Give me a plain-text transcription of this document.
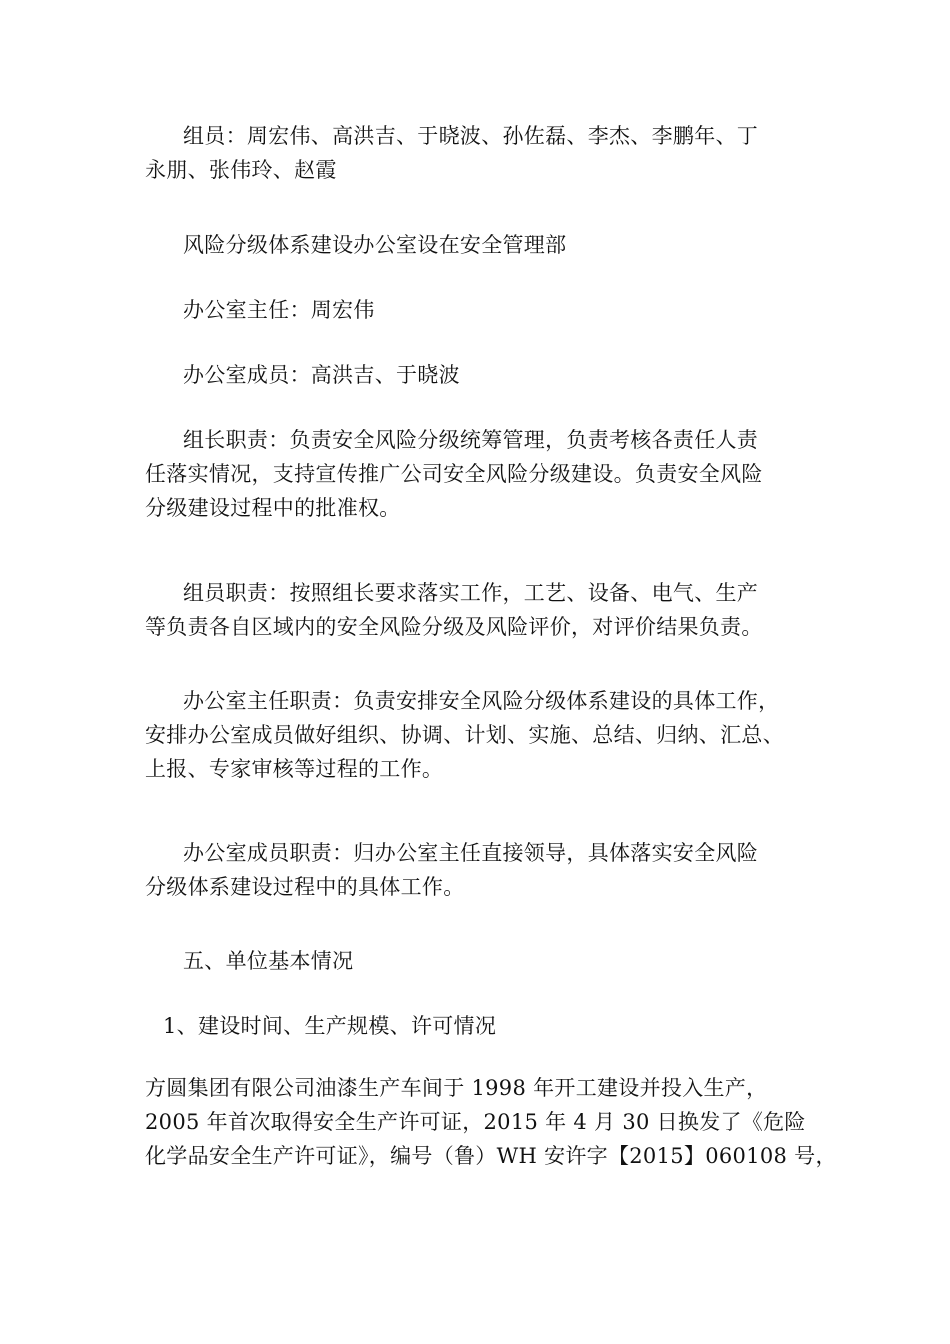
组员：周宏伟、高洪吉、于晓波、孙佐磊、李杰、李鹏年、丁
永朋、张伟玲、赵霞
风险分级体系建设办公室设在安全管理部
办公室主任：周宏伟
办公室成员：高洪吉、于晓波
组长职责：负责安全风险分级统筹管理，负责考核各责任人责
任落实情况，支持宣传推广公司安全风险分级建设。负责安全风险
分级建设过程中的批准权。
组员职责：按照组长要求落实工作，工艺、设备、电气、生产
等负责各自区域内的安全风险分级及风险评价，对评价结果负责。
办公室主任职责：负责安排安全风险分级体系建设的具体工作，
安排办公室成员做好组织、协调、计划、实施、总结、归纳、汇总、
上报、专家审核等过程的工作。
办公室成员职责：归办公室主任直接领导，具体落实安全风险
分级体系建设过程中的具体工作。
五、单位基本情况
1、建设时间、生产规模、许可情况
方圆集团有限公司油漆生产车间于 1998 年开工建设并投入生产，
2005 年首次取得安全生产许可证，2015 年 4 月 30 日换发了《危险
化学品安全生产许可证》，编号（鲁）WH 安许字【2015】060108 号，
